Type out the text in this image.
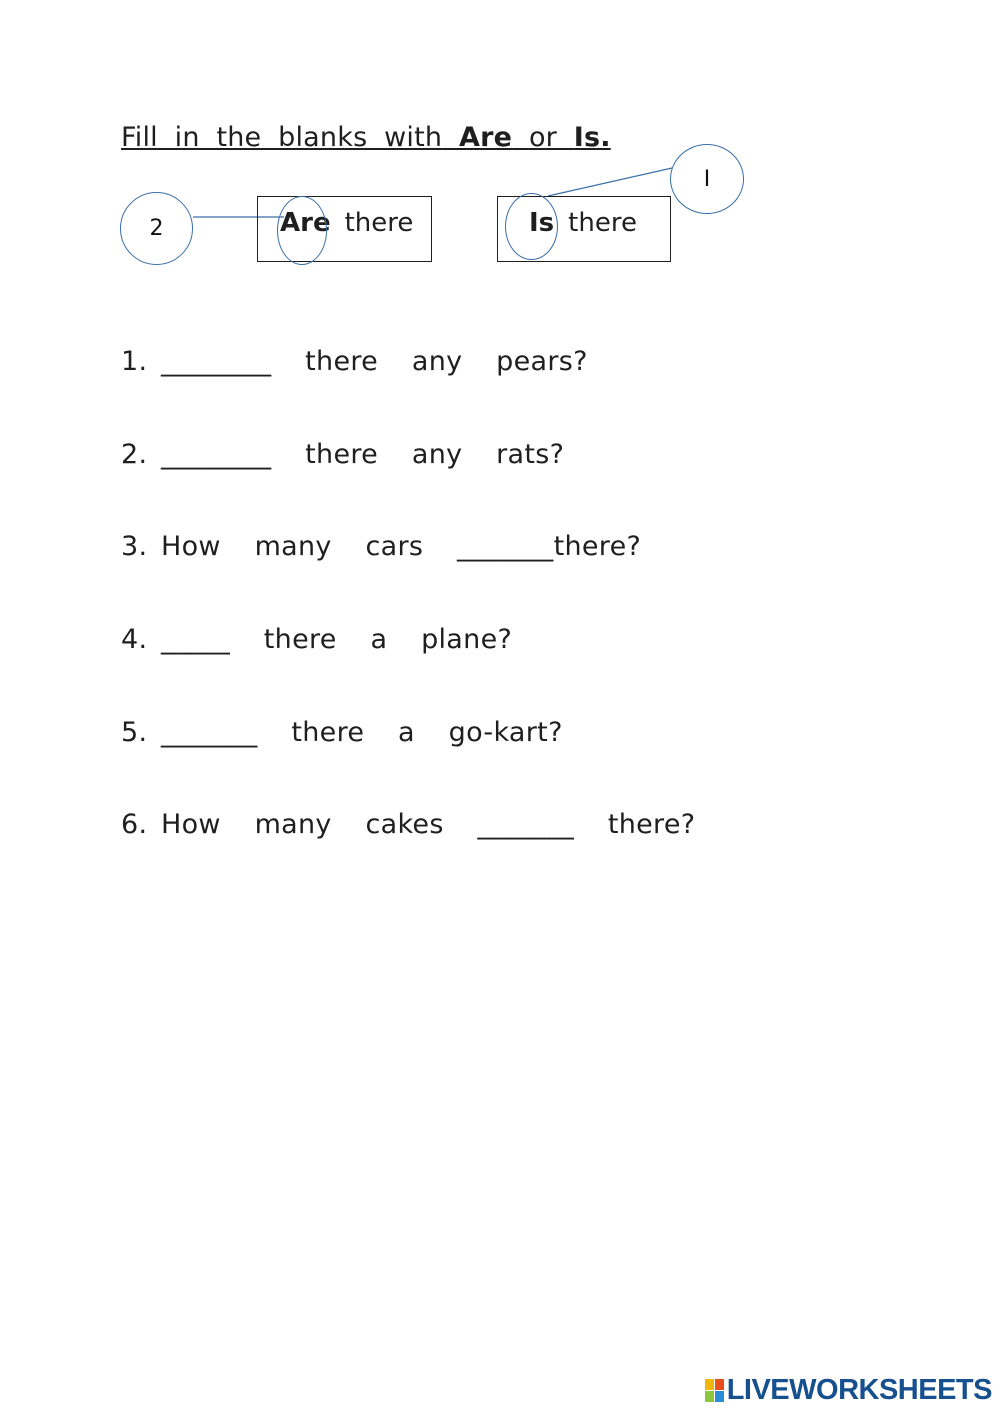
Fill in the blanks with Are or Is.
Are there	Is there
2
I
1. ________  there  any  pears?
2. ________  there  any  rats?
3. How  many  cars  _______there?
4. _____  there  a  plane?
5. _______  there  a  go-kart?
6. How  many  cakes  _______  there?
LIVEWORKSHEETS
